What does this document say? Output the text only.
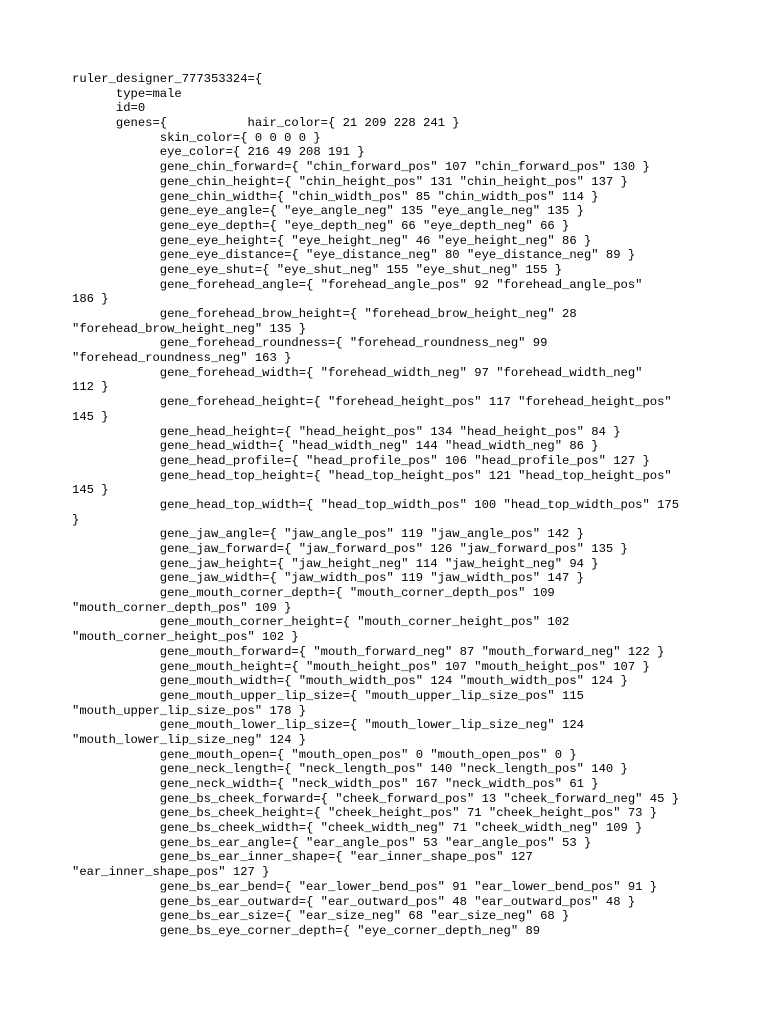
ruler_designer_777353324={
type=male
id=0
genes={           hair_color={ 21 209 228 241 }
skin_color={ 0 0 0 0 }
eye_color={ 216 49 208 191 }
gene_chin_forward={ "chin_forward_pos" 107 "chin_forward_pos" 130 }
gene_chin_height={ "chin_height_pos" 131 "chin_height_pos" 137 }
gene_chin_width={ "chin_width_pos" 85 "chin_width_pos" 114 }
gene_eye_angle={ "eye_angle_neg" 135 "eye_angle_neg" 135 }
gene_eye_depth={ "eye_depth_neg" 66 "eye_depth_neg" 66 }
gene_eye_height={ "eye_height_neg" 46 "eye_height_neg" 86 }
gene_eye_distance={ "eye_distance_neg" 80 "eye_distance_neg" 89 }
gene_eye_shut={ "eye_shut_neg" 155 "eye_shut_neg" 155 }
gene_forehead_angle={ "forehead_angle_pos" 92 "forehead_angle_pos"
186 }
gene_forehead_brow_height={ "forehead_brow_height_neg" 28
"forehead_brow_height_neg" 135 }
gene_forehead_roundness={ "forehead_roundness_neg" 99
"forehead_roundness_neg" 163 }
gene_forehead_width={ "forehead_width_neg" 97 "forehead_width_neg"
112 }
gene_forehead_height={ "forehead_height_pos" 117 "forehead_height_pos"
145 }
gene_head_height={ "head_height_pos" 134 "head_height_pos" 84 }
gene_head_width={ "head_width_neg" 144 "head_width_neg" 86 }
gene_head_profile={ "head_profile_pos" 106 "head_profile_pos" 127 }
gene_head_top_height={ "head_top_height_pos" 121 "head_top_height_pos"
145 }
gene_head_top_width={ "head_top_width_pos" 100 "head_top_width_pos" 175
}
gene_jaw_angle={ "jaw_angle_pos" 119 "jaw_angle_pos" 142 }
gene_jaw_forward={ "jaw_forward_pos" 126 "jaw_forward_pos" 135 }
gene_jaw_height={ "jaw_height_neg" 114 "jaw_height_neg" 94 }
gene_jaw_width={ "jaw_width_pos" 119 "jaw_width_pos" 147 }
gene_mouth_corner_depth={ "mouth_corner_depth_pos" 109
"mouth_corner_depth_pos" 109 }
gene_mouth_corner_height={ "mouth_corner_height_pos" 102
"mouth_corner_height_pos" 102 }
gene_mouth_forward={ "mouth_forward_neg" 87 "mouth_forward_neg" 122 }
gene_mouth_height={ "mouth_height_pos" 107 "mouth_height_pos" 107 }
gene_mouth_width={ "mouth_width_pos" 124 "mouth_width_pos" 124 }
gene_mouth_upper_lip_size={ "mouth_upper_lip_size_pos" 115
"mouth_upper_lip_size_pos" 178 }
gene_mouth_lower_lip_size={ "mouth_lower_lip_size_neg" 124
"mouth_lower_lip_size_neg" 124 }
gene_mouth_open={ "mouth_open_pos" 0 "mouth_open_pos" 0 }
gene_neck_length={ "neck_length_pos" 140 "neck_length_pos" 140 }
gene_neck_width={ "neck_width_pos" 167 "neck_width_pos" 61 }
gene_bs_cheek_forward={ "cheek_forward_pos" 13 "cheek_forward_neg" 45 }
gene_bs_cheek_height={ "cheek_height_pos" 71 "cheek_height_pos" 73 }
gene_bs_cheek_width={ "cheek_width_neg" 71 "cheek_width_neg" 109 }
gene_bs_ear_angle={ "ear_angle_pos" 53 "ear_angle_pos" 53 }
gene_bs_ear_inner_shape={ "ear_inner_shape_pos" 127
"ear_inner_shape_pos" 127 }
gene_bs_ear_bend={ "ear_lower_bend_pos" 91 "ear_lower_bend_pos" 91 }
gene_bs_ear_outward={ "ear_outward_pos" 48 "ear_outward_pos" 48 }
gene_bs_ear_size={ "ear_size_neg" 68 "ear_size_neg" 68 }
gene_bs_eye_corner_depth={ "eye_corner_depth_neg" 89
